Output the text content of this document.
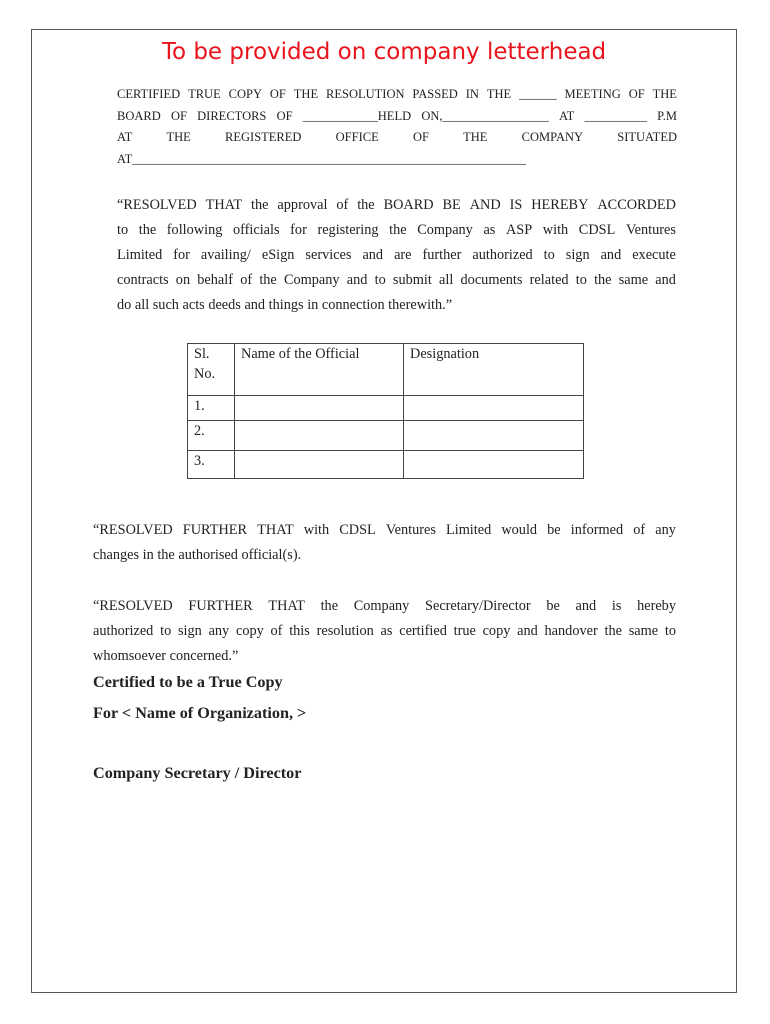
To be provided on company letterhead
CERTIFIED TRUE COPY OF THE RESOLUTION PASSED IN THE ______ MEETING OF THE
BOARD OF DIRECTORS OF ____________HELD ON,_________________ AT __________ P.M
AT	THE	REGISTERED	OFFICE	OF	THE	COMPANY	SITUATED
AT_______________________________________________________________
“RESOLVED THAT the approval of the BOARD BE AND IS HEREBY ACCORDED
to the following officials for registering the Company as ASP with CDSL Ventures
Limited for availing/ eSign services and are further authorized to sign and execute
contracts on behalf of the Company and to submit all documents related to the same and
do all such acts deeds and things in connection therewith.”
Sl. No.	Name of the Official	Designation
1.		
2.		
3.		
“RESOLVED FURTHER THAT with CDSL Ventures Limited would be informed of any
changes in the authorised official(s).
“RESOLVED FURTHER THAT the Company Secretary/Director be and is hereby
authorized to sign any copy of this resolution as certified true copy and handover the same to
whomsoever concerned.”

Certified to be a True Copy

For < Name of Organization, >

Company Secretary / Director
